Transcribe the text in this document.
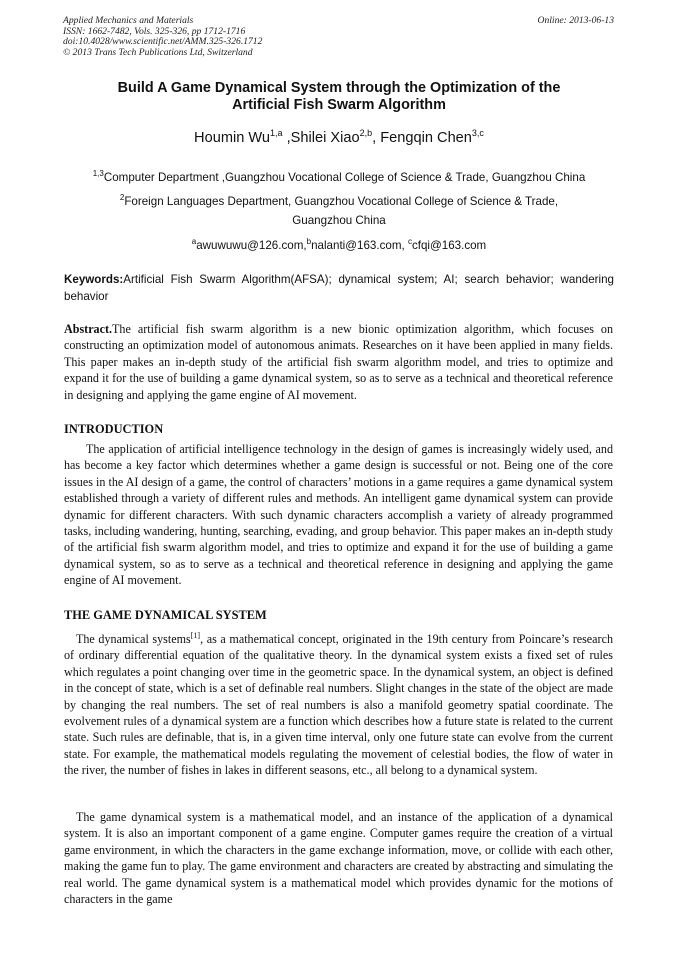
Applied Mechanics and Materials
ISSN: 1662-7482, Vols. 325-326, pp 1712-1716
doi:10.4028/www.scientific.net/AMM.325-326.1712
© 2013 Trans Tech Publications Ltd, Switzerland
Online: 2013-06-13
Build A Game Dynamical System through the Optimization of the
Artificial Fish Swarm Algorithm
Houmin Wu$^{1,a}$ ,Shilei Xiao$^{2,b}$, Fengqin Chen$^{3,c}$
$^{1,3}$Computer Department ,Guangzhou Vocational College of Science & Trade, Guangzhou China
$^2$Foreign Languages Department, Guangzhou Vocational College of Science & Trade,
Guangzhou China
$^a$awuwuwu@126.com,$^b$nalanti@163.com, $^c$cfqi@163.com
Keywords:Artificial Fish Swarm Algorithm(AFSA); dynamical system; AI; search behavior; wandering behavior
Abstract.The artificial fish swarm algorithm is a new bionic optimization algorithm, which focuses on constructing an optimization model of autonomous animats. Researches on it have been applied in many fields. This paper makes an in-depth study of the artificial fish swarm algorithm model, and tries to optimize and expand it for the use of building a game dynamical system, so as to serve as a technical and theoretical reference in designing and applying the game engine of AI movement.
INTRODUCTION
The application of artificial intelligence technology in the design of games is increasingly widely used, and has become a key factor which determines whether a game design is successful or not. Being one of the core issues in the AI design of a game, the control of characters’ motions in a game requires a game dynamical system established through a variety of different rules and methods. An intelligent game dynamical system can provide dynamic for different characters. With such dynamic characters accomplish a variety of already programmed tasks, including wandering, hunting, searching, evading, and group behavior. This paper makes an in-depth study of the artificial fish swarm algorithm model, and tries to optimize and expand it for the use of building a game dynamical system, so as to serve as a technical and theoretical reference in designing and applying the game engine of AI movement.
THE GAME DYNAMICAL SYSTEM
The dynamical systems[1], as a mathematical concept, originated in the 19th century from Poincare’s research of ordinary differential equation of the qualitative theory. In the dynamical system exists a fixed set of rules which regulates a point changing over time in the geometric space. In the dynamical system, an object is defined in the concept of state, which is a set of definable real numbers. Slight changes in the state of the object are made by changing the real numbers. The set of real numbers is also a manifold geometry spatial coordinate. The evolvement rules of a dynamical system are a function which describes how a future state is related to the current state. Such rules are definable, that is, in a given time interval, only one future state can evolve from the current state. For example, the mathematical models regulating the movement of celestial bodies, the flow of water in the river, the number of fishes in lakes in different seasons, etc., all belong to a dynamical system.
The game dynamical system is a mathematical model, and an instance of the application of a dynamical system. It is also an important component of a game engine. Computer games require the creation of a virtual game environment, in which the characters in the game exchange information, move, or collide with each other, making the game fun to play. The game environment and characters are created by abstracting and simulating the real world. The game dynamical system is a mathematical model which provides dynamic for the motions of characters in the game
